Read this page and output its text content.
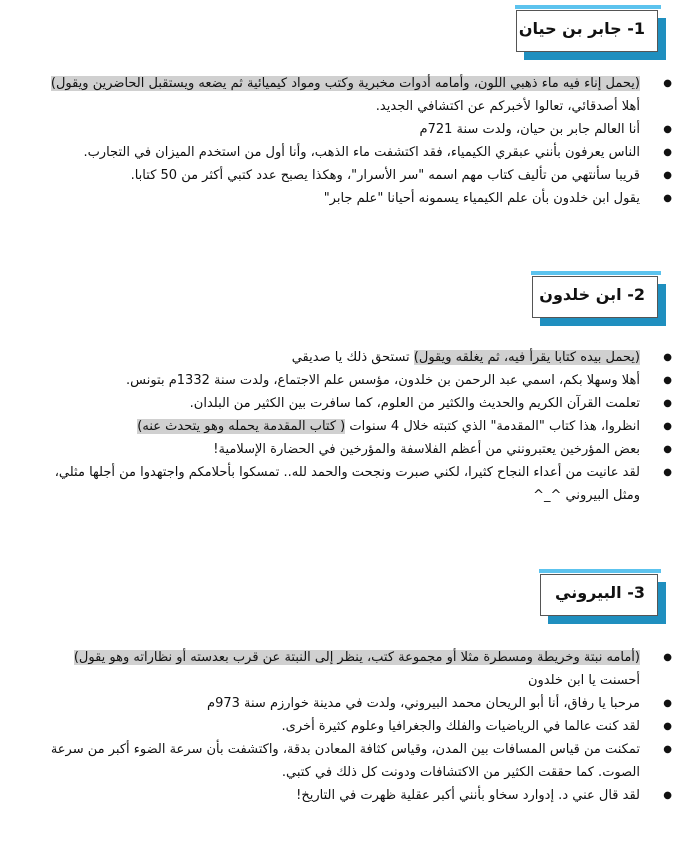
1- جابر بن حيان
● (يحمل إناء فيه ماء ذهبي اللون، وأمامه أدوات مخبرية وكتب ومواد كيميائية ثم يضعه ويستقبل الحاضرين ويقول) أهلا أصدقائي، تعالوا لأخبركم عن اكتشافي الجديد.
● أنا العالم جابر بن حيان، ولدت سنة 721م
● الناس يعرفون بأنني عبقري الكيمياء، فقد اكتشفت ماء الذهب، وأنا أول من استخدم الميزان في التجارب.
● قريبا سأنتهي من تأليف كتاب مهم اسمه "سر الأسرار"، وهكذا يصبح عدد كتبي أكثر من 50 كتابا.
● يقول ابن خلدون بأن علم الكيمياء يسمونه أحيانا "علم جابر"
2- ابن خلدون
● (يحمل بيده كتابا يقرأ فيه، ثم يغلقه ويقول) تستحق ذلك يا صديقي
● أهلا وسهلا بكم، اسمي عبد الرحمن بن خلدون، مؤسس علم الاجتماع، ولدت سنة 1332م بتونس.
● تعلمت القرآن الكريم والحديث والكثير من العلوم، كما سافرت بين الكثير من البلدان.
● انظروا، هذا كتاب "المقدمة" الذي كتبته خلال 4 سنوات ( كتاب المقدمة يحمله وهو يتحدث عنه)
● بعض المؤرخين يعتبرونني من أعظم الفلاسفة والمؤرخين في الحضارة الإسلامية!
● لقد عانيت من أعداء النجاح كثيرا، لكني صبرت ونجحت والحمد لله.. تمسكوا بأحلامكم واجتهدوا من أجلها مثلي، ومثل البيروني ^_^
3- البيروني
● (أمامه نبتة وخريطة ومسطرة مثلا أو مجموعة كتب، ينظر إلى النبتة عن قرب بعدسته أو نظاراته وهو يقول) أحسنت يا ابن خلدون
● مرحبا يا رفاق، أنا أبو الريحان محمد البيروني، ولدت في مدينة خوارزم سنة 973م
● لقد كنت عالما في الرياضيات والفلك والجغرافيا وعلوم كثيرة أخرى.
● تمكنت من قياس المسافات بين المدن، وقياس كثافة المعادن بدقة، واكتشفت بأن سرعة الضوء أكبر من سرعة الصوت. كما حققت الكثير من الاكتشافات ودونت كل ذلك في كتبي.
● لقد قال عني د. إدوارد سخاو بأنني أكبر عقلية ظهرت في التاريخ!
